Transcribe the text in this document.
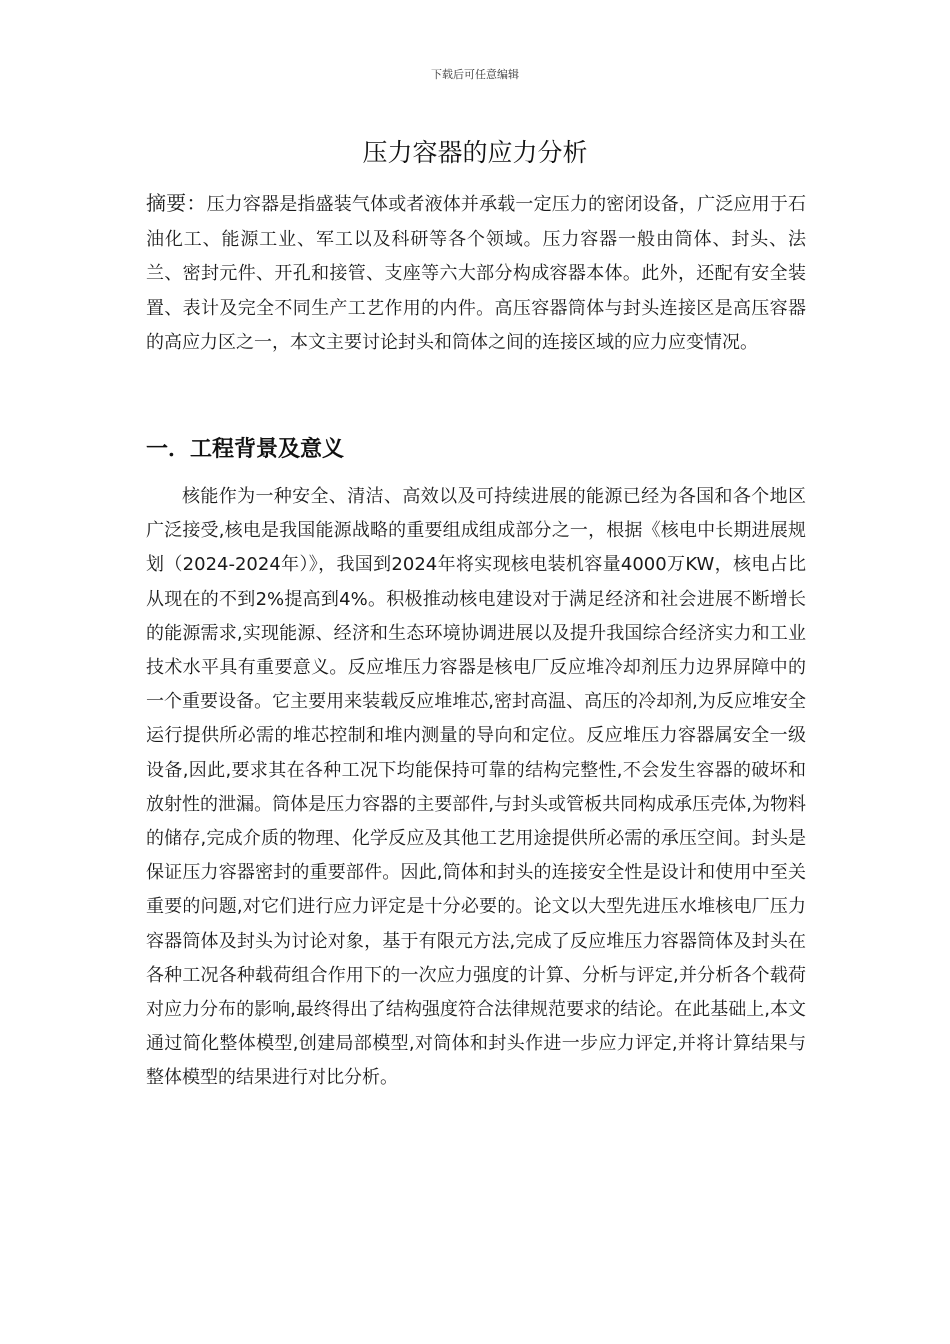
下载后可任意编辑
压力容器的应力分析

摘要：压力容器是指盛装气体或者液体并承载一定压力的密闭设备，广泛应用于石油化工、能源工业、军工以及科研等各个领域。压力容器一般由筒体、封头、法兰、密封元件、开孔和接管、支座等六大部分构成容器本体。此外，还配有安全装置、表计及完全不同生产工艺作用的内件。高压容器筒体与封头连接区是高压容器的高应力区之一，本文主要讨论封头和筒体之间的连接区域的应力应变情况。

一．工程背景及意义

核能作为一种安全、清洁、高效以及可持续进展的能源已经为各国和各个地区广泛接受,核电是我国能源战略的重要组成组成部分之一，根据《核电中长期进展规划（2024-2024年）》，我国到2024年将实现核电装机容量4000万KW，核电占比从现在的不到2%提高到4%。积极推动核电建设对于满足经济和社会进展不断增长的能源需求,实现能源、经济和生态环境协调进展以及提升我国综合经济实力和工业技术水平具有重要意义。反应堆压力容器是核电厂反应堆冷却剂压力边界屏障中的一个重要设备。它主要用来装载反应堆堆芯,密封高温、高压的冷却剂,为反应堆安全运行提供所必需的堆芯控制和堆内测量的导向和定位。反应堆压力容器属安全一级设备,因此,要求其在各种工况下均能保持可靠的结构完整性,不会发生容器的破坏和放射性的泄漏。筒体是压力容器的主要部件,与封头或管板共同构成承压壳体,为物料的储存,完成介质的物理、化学反应及其他工艺用途提供所必需的承压空间。封头是保证压力容器密封的重要部件。因此,筒体和封头的连接安全性是设计和使用中至关重要的问题,对它们进行应力评定是十分必要的。论文以大型先进压水堆核电厂压力容器筒体及封头为讨论对象，基于有限元方法,完成了反应堆压力容器筒体及封头在各种工况各种载荷组合作用下的一次应力强度的计算、分析与评定,并分析各个载荷对应力分布的影响,最终得出了结构强度符合法律规范要求的结论。在此基础上,本文通过简化整体模型,创建局部模型,对筒体和封头作进一步应力评定,并将计算结果与整体模型的结果进行对比分析。
